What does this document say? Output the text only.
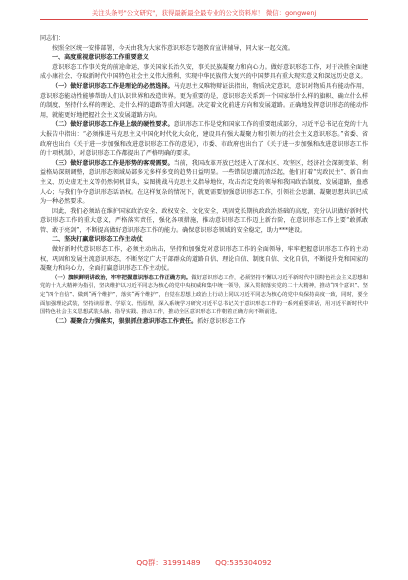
关注头条号"公文研究"，获得最新最全最专业的公文资料库！ 微信：gongwenj

同志们：

按照全区统一安排部署，今天由我为大家作意识形态专题教育宣讲辅导，同大家一起交流。

一、高度重视意识形态工作重要意义

意识形态工作事关党的前途命运，事关国家长治久安，事关民族凝聚力和向心力。做好意识形态工作，对于决胜全面建成小康社会、夺取新时代中国特色社会主义伟大胜利、实现中华民族伟大复兴的中国梦具有重大现实意义和深远历史意义。

（一）做好意识形态工作是理论的必然选择。马克思主义唯物辩证法指出，物质决定意识，意识对物质具有能动作用，意识形态能动性能够帮助人们认识世界和改造世界。更为重要的是，意识形态关系到一个国家举什么样的旗帜、确立什么样的制度、坚持什么样的理论、走什么样的道路等重大问题。决定着文化前进方向和发展道路。正确地发挥意识形态的能动作用，就能更好地把握社会主义发展道路方向。

（二）做好意识形态工作是上级的硬性要求。意识形态工作是党和国家工作的重要组成部分，习近平总书记在党的十九大报告中指出：“必须推进马克思主义中国化时代化大众化，建设具有强大凝聚力和引领力的社会主义意识形态。”省委、省政府也出台《关于进一步加强和改进意识形态工作的意见》，市委、市政府也出台了《关于进一步加强和改进意识形态工作的十项机制》，对意识形态工作都提出了严格明确的要求。

（三）做好意识形态工作是形势的客观需要。当前，我国改革开放已经进入了深水区、攻坚区，经济社会深刻变革、利益格局深刻调整，意识形态领域局部多元多样多变的趋势日益明显。一些错误思潮沉渣泛起，他们打着“宪政民主”、新自由主义、历史虚无主义等仍然伺机冒头，妄图挑战马克思主义指导地位，攻击否定党的领导和我国政治制度、发展道路，蛊惑人心；与我们争夺意识形态话语权。在这样复杂的情况下，就更需要加强意识形态工作，引领社会思潮、凝聚思想共识已成为一种必然要求。

因此，我们必须站在维护国家政治安全、政权安全、文化安全，巩固党长期执政政治基础的高度，充分认识做好新时代意识形态工作的重大意义，严格落实责任，强化各项措施，推动意识形态工作迈上新台阶，在意识形态工作上要“敢抓敢管、敢于亮剑”，不断提高做好意识形态工作的能力。确保意识形态领域的安全稳定，助力***建设。

二、坚决打赢意识形态工作主动仗

做好新时代意识形态工作，必须主动出击，坚持和加强党对意识形态工作的全面领导，牢牢把握意识形态工作的主动权，巩固和发展主流意识形态，不断坚定广大干部群众的道路自信、理论自信、制度自信、文化自信，不断提升党和国家的凝聚力和向心力，全面打赢意识形态工作主动仗。

（一）旗帜鲜明讲政治，牢牢把握意识形态工作正确方向。做好意识形态工作，必须坚持不懈以习近平新时代中国特色社会主义思想和党的十九大精神为指引，坚决维护以习近平同志为核心的党中央权威和集中统一领导，深入贯彻落实党的二十大精神，推动“四个意识”、坚定“四个自信”、做到“两个维护”，落实“两个维护”，自觉在思想上政治上行动上同以习近平同志为核心的党中央保持高度一致，同时，要全面加强理论武装，坚持读原著、学原文、悟原理，深入系统学习研究习近平总书记关于意识形态工作的一系列重要讲话，用习近平新时代中国特色社会主义思想武装头脑、指导实践、推动工作，推动全区意识形态工作朝着正确方向不断前进。

（二）凝聚合力强落实，狠狠抓住意识形态工作责任。抓好意识形态工作

QQ群：31991489　　QQ:535304092
